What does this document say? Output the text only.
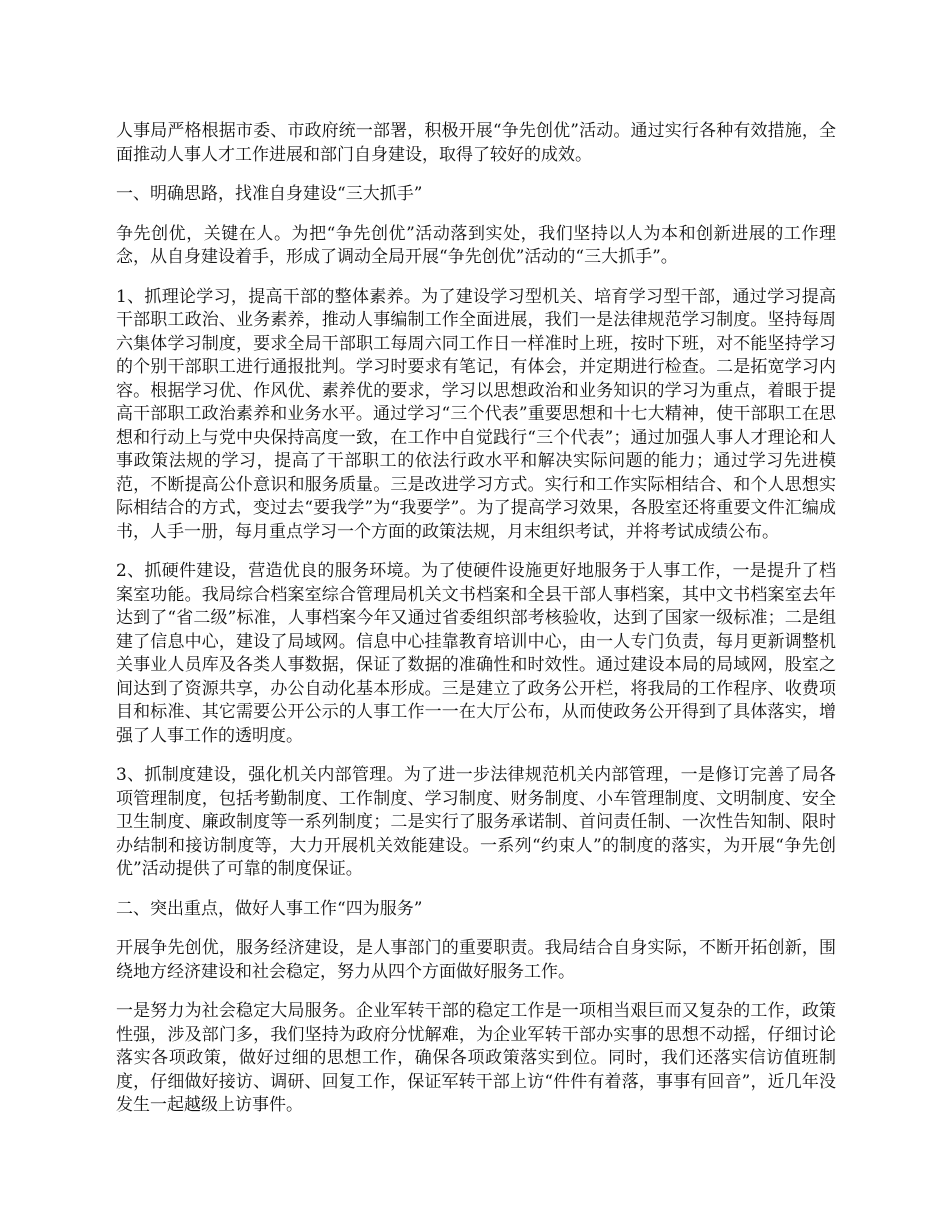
人事局严格根据市委、市政府统一部署，积极开展“争先创优”活动。通过实行各种有效措施，全面推动人事人才工作进展和部门自身建设，取得了较好的成效。

一、明确思路，找准自身建设“三大抓手”

争先创优，关键在人。为把“争先创优”活动落到实处，我们坚持以人为本和创新进展的工作理念，从自身建设着手，形成了调动全局开展“争先创优”活动的“三大抓手”。

1、抓理论学习，提高干部的整体素养。为了建设学习型机关、培育学习型干部，通过学习提高干部职工政治、业务素养，推动人事编制工作全面进展，我们一是法律规范学习制度。坚持每周六集体学习制度，要求全局干部职工每周六同工作日一样准时上班，按时下班，对不能坚持学习的个别干部职工进行通报批判。学习时要求有笔记，有体会，并定期进行检查。二是拓宽学习内容。根据学习优、作风优、素养优的要求，学习以思想政治和业务知识的学习为重点，着眼于提高干部职工政治素养和业务水平。通过学习“三个代表”重要思想和十七大精神，使干部职工在思想和行动上与党中央保持高度一致，在工作中自觉践行“三个代表”；通过加强人事人才理论和人事政策法规的学习，提高了干部职工的依法行政水平和解决实际问题的能力；通过学习先进模范，不断提高公仆意识和服务质量。三是改进学习方式。实行和工作实际相结合、和个人思想实际相结合的方式，变过去“要我学”为“我要学”。为了提高学习效果，各股室还将重要文件汇编成书，人手一册，每月重点学习一个方面的政策法规，月末组织考试，并将考试成绩公布。

2、抓硬件建设，营造优良的服务环境。为了使硬件设施更好地服务于人事工作，一是提升了档案室功能。我局综合档案室综合管理局机关文书档案和全县干部人事档案，其中文书档案室去年达到了“省二级”标准，人事档案今年又通过省委组织部考核验收，达到了国家一级标准；二是组建了信息中心，建设了局域网。信息中心挂靠教育培训中心，由一人专门负责，每月更新调整机关事业人员库及各类人事数据，保证了数据的准确性和时效性。通过建设本局的局域网，股室之间达到了资源共享，办公自动化基本形成。三是建立了政务公开栏，将我局的工作程序、收费项目和标准、其它需要公开公示的人事工作一一在大厅公布，从而使政务公开得到了具体落实，增强了人事工作的透明度。

3、抓制度建设，强化机关内部管理。为了进一步法律规范机关内部管理，一是修订完善了局各项管理制度，包括考勤制度、工作制度、学习制度、财务制度、小车管理制度、文明制度、安全卫生制度、廉政制度等一系列制度；二是实行了服务承诺制、首问责任制、一次性告知制、限时办结制和接访制度等，大力开展机关效能建设。一系列“约束人”的制度的落实，为开展“争先创优”活动提供了可靠的制度保证。

二、突出重点，做好人事工作“四为服务”

开展争先创优，服务经济建设，是人事部门的重要职责。我局结合自身实际，不断开拓创新，围绕地方经济建设和社会稳定，努力从四个方面做好服务工作。

一是努力为社会稳定大局服务。企业军转干部的稳定工作是一项相当艰巨而又复杂的工作，政策性强，涉及部门多，我们坚持为政府分忧解难，为企业军转干部办实事的思想不动摇，仔细讨论落实各项政策，做好过细的思想工作，确保各项政策落实到位。同时，我们还落实信访值班制度，仔细做好接访、调研、回复工作，保证军转干部上访“件件有着落，事事有回音”，近几年没发生一起越级上访事件。
